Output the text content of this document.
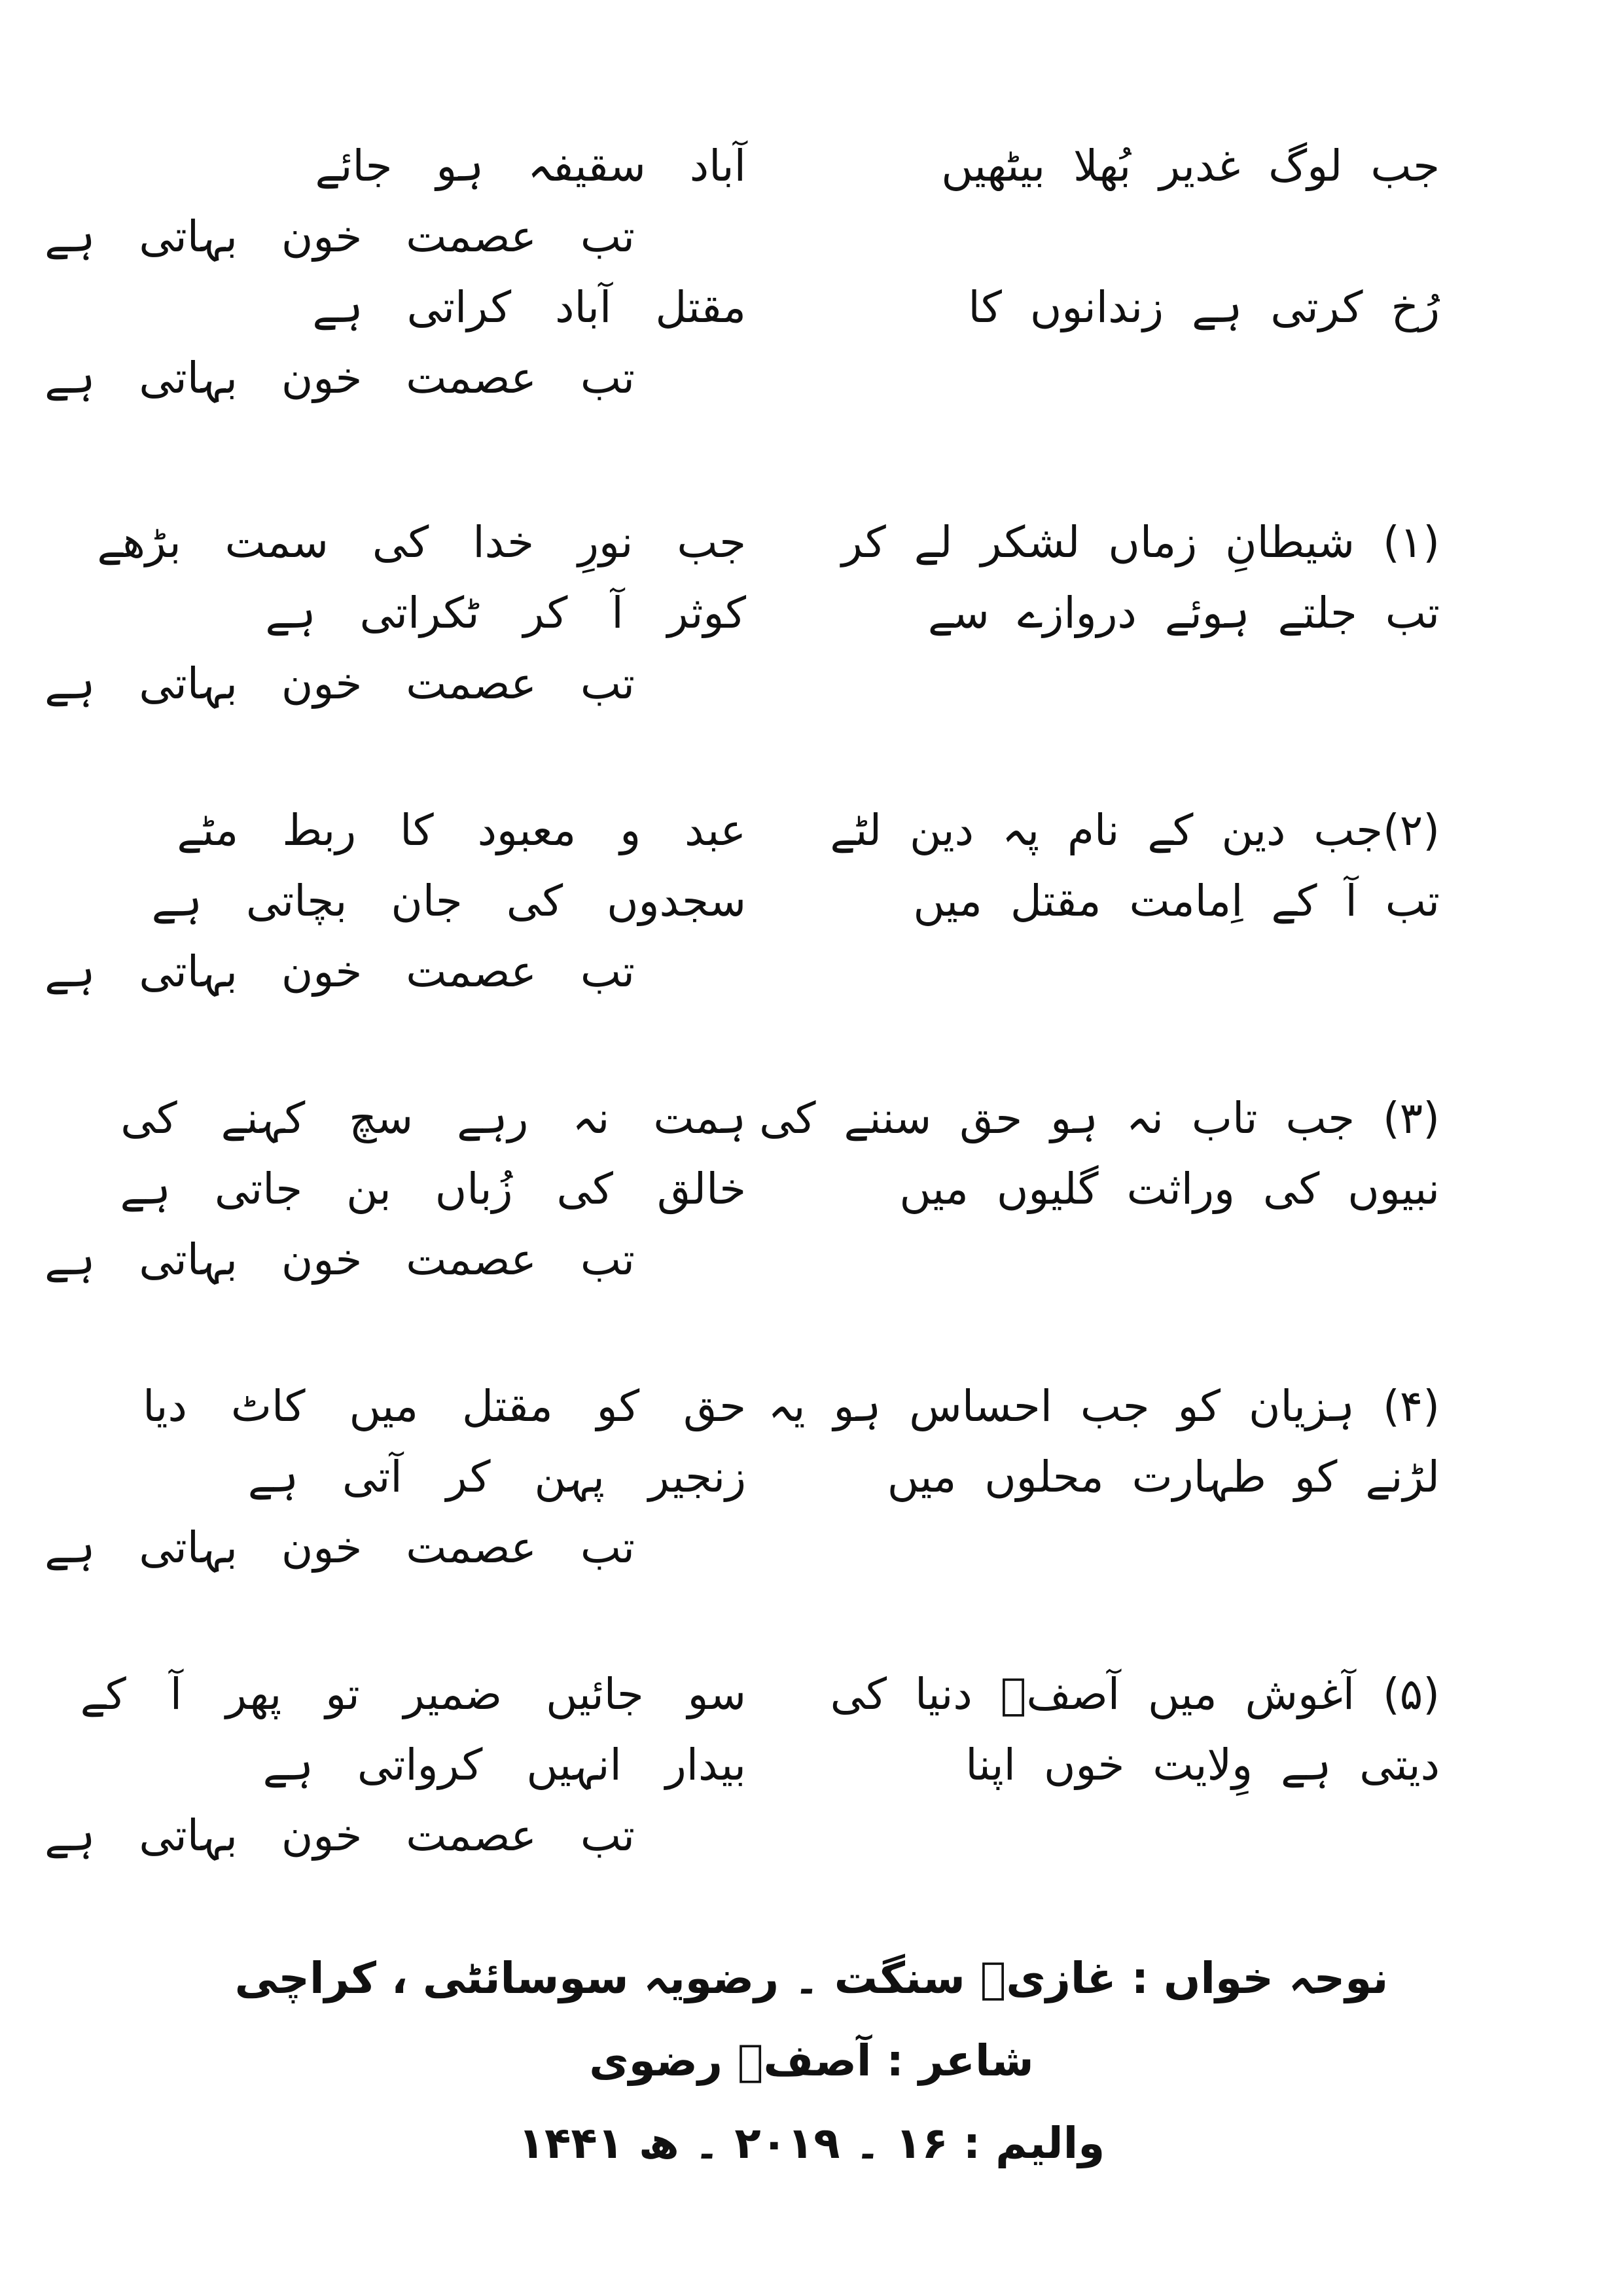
جب لوگ غدیر بُھلا بیٹھیں
آباد سقیفہ ہو جائے
تب عصمت خون بہاتی ہے
رُخ کرتی ہے زندانوں کا
مقتل آباد کراتی ہے
تب عصمت خون بہاتی ہے
(۱) شیطانِ زماں لشکر لے کر
جب نورِ خدا کی سمت بڑھے
تب جلتے ہوئے دروازے سے
کوثر آ کر ٹکراتی ہے
تب عصمت خون بہاتی ہے
(۲)جب دین کے نام پہ دین لٹے
عبد و معبود کا ربط مٹے
تب آ کے اِمامت مقتل میں
سجدوں کی جان بچاتی ہے
تب عصمت خون بہاتی ہے
(۳) جب تاب نہ ہو حق سننے کی
ہمت نہ رہے سچ کہنے کی
نبیوں کی وراثت گلیوں میں
خالق کی زُباں بن جاتی ہے
تب عصمت خون بہاتی ہے
(۴) ہزیان کو جب احساس ہو یہ
حق کو مقتل میں کاٹ دیا
لڑنے کو طہارت محلوں میں
زنجیر پہن کر آتی ہے
تب عصمت خون بہاتی ہے
(۵) آغوش میں آصفؔ دنیا کی
سو جائیں ضمیر تو پھر آ کے
دیتی ہے وِلایت خوں اپنا
بیدار انہیں کرواتی ہے
تب عصمت خون بہاتی ہے
نوحہ خواں : غازیؑ سنگت ۔ رضویہ سوسائٹی ، کراچی
شاعر : آصفؔ رضوی
والیم : ۱۶ ۔ ۲۰۱۹ ۔ ھ ۱۴۴۱
